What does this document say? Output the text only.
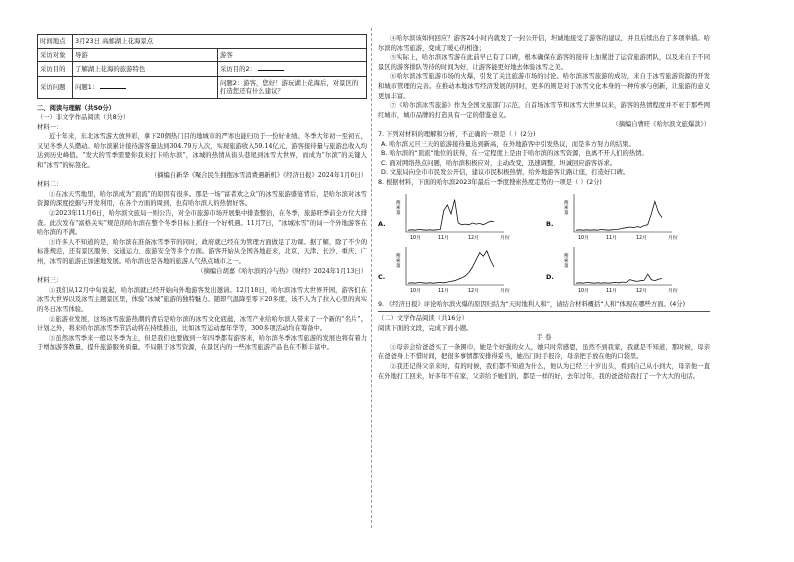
时间地点	3月23日 高邮湖上花海景点	
采访对象	导游	游客
采访目的	了解湖上花海的旅游特色	采访目的2：
采访问题	问题1：	问题2：游客，您好！游玩湖上花海后，对景区的打造您还有什么建议？
二、阅读与理解（共50分）
（一）非文学作品阅读（共8分）
材料一：
近十年来，东北冰雪游大放异彩，拿下20個热门目的地城市的严寒也能归功于一份好业绩。冬季大年初一至初五，又见冬季人头攒动。哈尔滨累计接待游客量达到304.79万人次，实现旅游收入59.14亿元，游客接待量与旅游总收入均达到历史峰值。“发大的雪季需要你我来打卡哈尔滨”，冰城的热情从街头巷尾到冰雪大世界，而成为“尔滨”的关键人和“冰雪”的标签化。
（摘编自新华《聚合民生拥抱冰雪消费遇新机》《经济日报》2024年1月6日）
材料二：
①在冰天雪地里，哈尔滨成为“顶流”的原因有很多。那是一场“富者欢之众”的冰雪旅游盛宴背后，是哈尔滨对冰雪资源的深度挖掘与开发利用，在各个方面的周到，也有哈尔滨人的热情好客。
②2023年11月6日，哈尔滨文旅局一则公告，对全市旅游市场开展集中排查整治，在冬季，旅游旺季前全方位大排查。此次发布“富格关实”规范的哈尔滨在整个冬季目标上抓住一个好机遇。11月7日，“冰城冰雪”的词一个外地游客在哈尔滨的不满。
③许多人不知道的是，哈尔滨在准备冰雪季节的同时，政府就已经在为管理方面做足了功课。据了解，除了不少的标准规范，还有景区服务、交通运力、旅游安全等多个方面。游客开始从全国各地赶来，北京、天津、长沙、重庆、广州，冰雪的旅游正加速地发展。哈尔滨也是各地的旅游人气热点城市之一。
（摘编自胡嘉《哈尔滨的冷与热》《财经》2024年1月13日）
材料三：
①我们从12月中旬说起，哈尔滨就已经开始向外地游客发出邀请。12月18日，哈尔滨冰雪大世界开园，游客们在冰雪大世界以及冰雪主题景区里，体验“冰城”旅游的独特魅力。随即气温降至零下20多度，该不人为了拉入心里的真实的冬日冰雪体验。
②旅游业发展，这场冰雪旅游热潮的背后是哈尔滨的冰雪文化底蕴，冰雪产业给哈尔滨人带来了一个新的“名片”。计划之外，将来哈尔滨冰雪季节活动将在持续推出，比如冰雪运动嘉年华等，300多项活动均在筹备中。
③虽然冰雪季来一般以冬季为主，但是我们也要做到一年四季都有游客来，哈尔滨冬季冰雪旅游的发展也将有着力于增加游客数量，提升旅游服务质量。不局限于冰雪资源，在景区内的一些冰雪旅游产品也在不断丰富中。
④哈尔滨该如何回应？游客24小时内就发了一封公开信，坦诚地接受了游客的建议，并且后续出台了多项举措。哈尔滨的冰雪旅游，变成了暖心的相逢；
⑤实际上，哈尔滨冰雪游在此前早已有了口碑，根本确保在游客的接待上加紧进了运营旅游团队，以及来自于不同景区的游客排队等待的时间为好，让游客能更好地去体验冰雪之美。
⑥哈尔滨冰雪旅游市场的火爆，引发了关注旅游市场的讨论。哈尔滨冰雪旅游的成功，来自于冰雪旅游资源的开发和城市管理的完善。在推动本地冰雪经济发展的同时，更多的则是对于冰雪文化本身的一种传承与创新，让旅游的意义更加丰富。
⑦《哈尔滨冰雪旅游》作为全国文旅部门示范，自首场冰雪节和冰雪大世界以来，游客的热情程度并不亚于那些网红城市，城市品牌的打造具有一定的借鉴意义。
（摘编自曹旺《哈尔滨文旅爆款》）
7. 下列对材料的理解和分析，不正确的一项是（ ）(2分)
A. 哈尔滨元旦三天的旅游接待量达到新高，在外地游客中引发热议，而是多方努力的结果。
B. 哈尔滨的“顶流”地位的获得，在一定程度上是由于哈尔滨的冰雪资源，也离不开人们的热情。
C. 面对网络热点问题，哈尔滨积极应对，主动改变，迅速调整，坦诚回应游客诉求。
D. 文旅局向全市市民发公开信，建议市民积极热情，给外地游客让路让座，打造好口碑。
8. 根据材料，下面的哈尔滨2023年最后一季度搜索热度走势的一项是（ ）(2分)
搜索量
10月	11月	12月	月份
搜索量
10月	11月	12月	月份
搜索量
10月	11月	12月	月份
搜索量
10月	11月	12月	月份
A.	B.
C.	D.
9. 《经济日报》评论哈尔滨火爆的原因归结为“天时地利人和”，请结合材料概括“人和”体现在哪些方面。(4分)
（二）文学作品阅读（共16分）
阅读下面的文段，完成下面小题。
手 卷
①母亲会给爸爸买了一条围巾，她是个好强的女人，她只时常感恩，虽然不到我家，我就是不知道，那时候，母亲在爸爸身上不惜时间，把很多事情都安排得妥当，她出门时手很冷，母亲把手放在他的口袋里。
②我还记得父亲来时，有的时候，我们都不知道为什么，他认为已经三十岁出头，看到自己从小到大，母亲他一直在外地打工回来，好多年不在家，父亲给予她们的，都是一样的好，去年过年，我的爸爸给我打了一个大大的电话。
